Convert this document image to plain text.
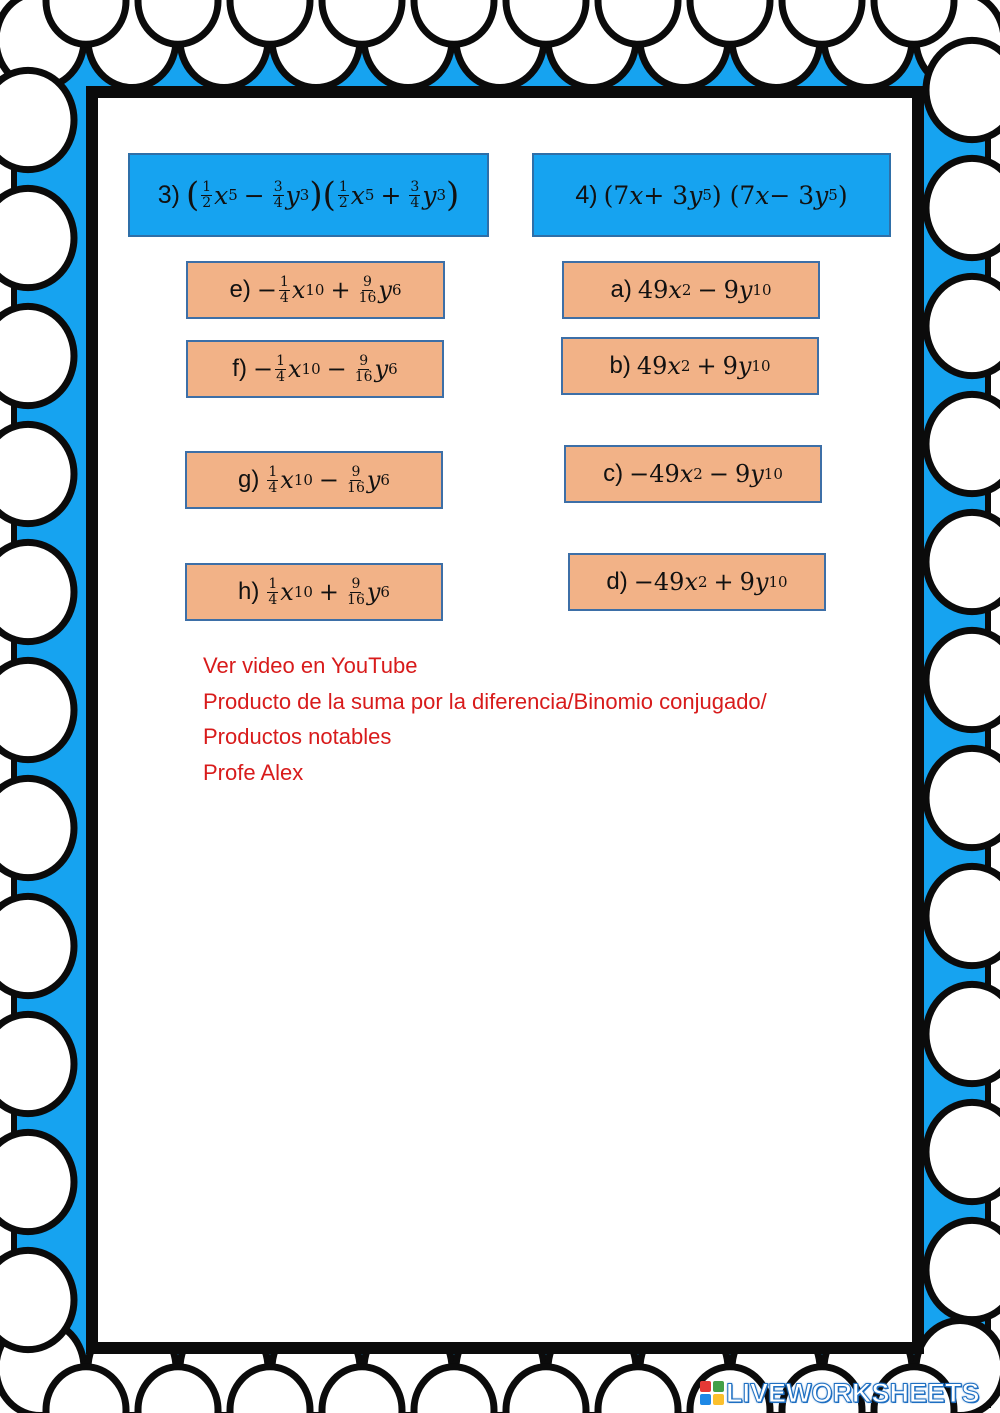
3) ( $\frac{1}{2}$ x $5 - \frac{3}{4}$ y 3 ) ( $\frac{1}{2}$ x $5 + \frac{3}{4}$ y 3 )	4) (7 x + 3 y 5 ) (7 x − 3 y 5 )
$e) - \frac{1}{4}$ x $10 + \frac{9}{16}$ y 6
$f) - \frac{1}{4}$ x $10 - \frac{9}{16}$ y 6
$g) \frac{1}{4}$ x $10 - \frac{9}{16}$ y 6
$h) \frac{1}{4}$ x $10 + \frac{9}{16}$ y 6
a) 49 x 2 − 9 y 10
b) 49 x 2 + 9 y 10
c) − 49 x 2 − 9 y 10
d) − 49 x 2 + 9 y 10
Ver video en YouTube
Producto de la suma por la diferencia/Binomio conjugado/
Productos notables
Profe Alex
LIVEWORKSHEETS
